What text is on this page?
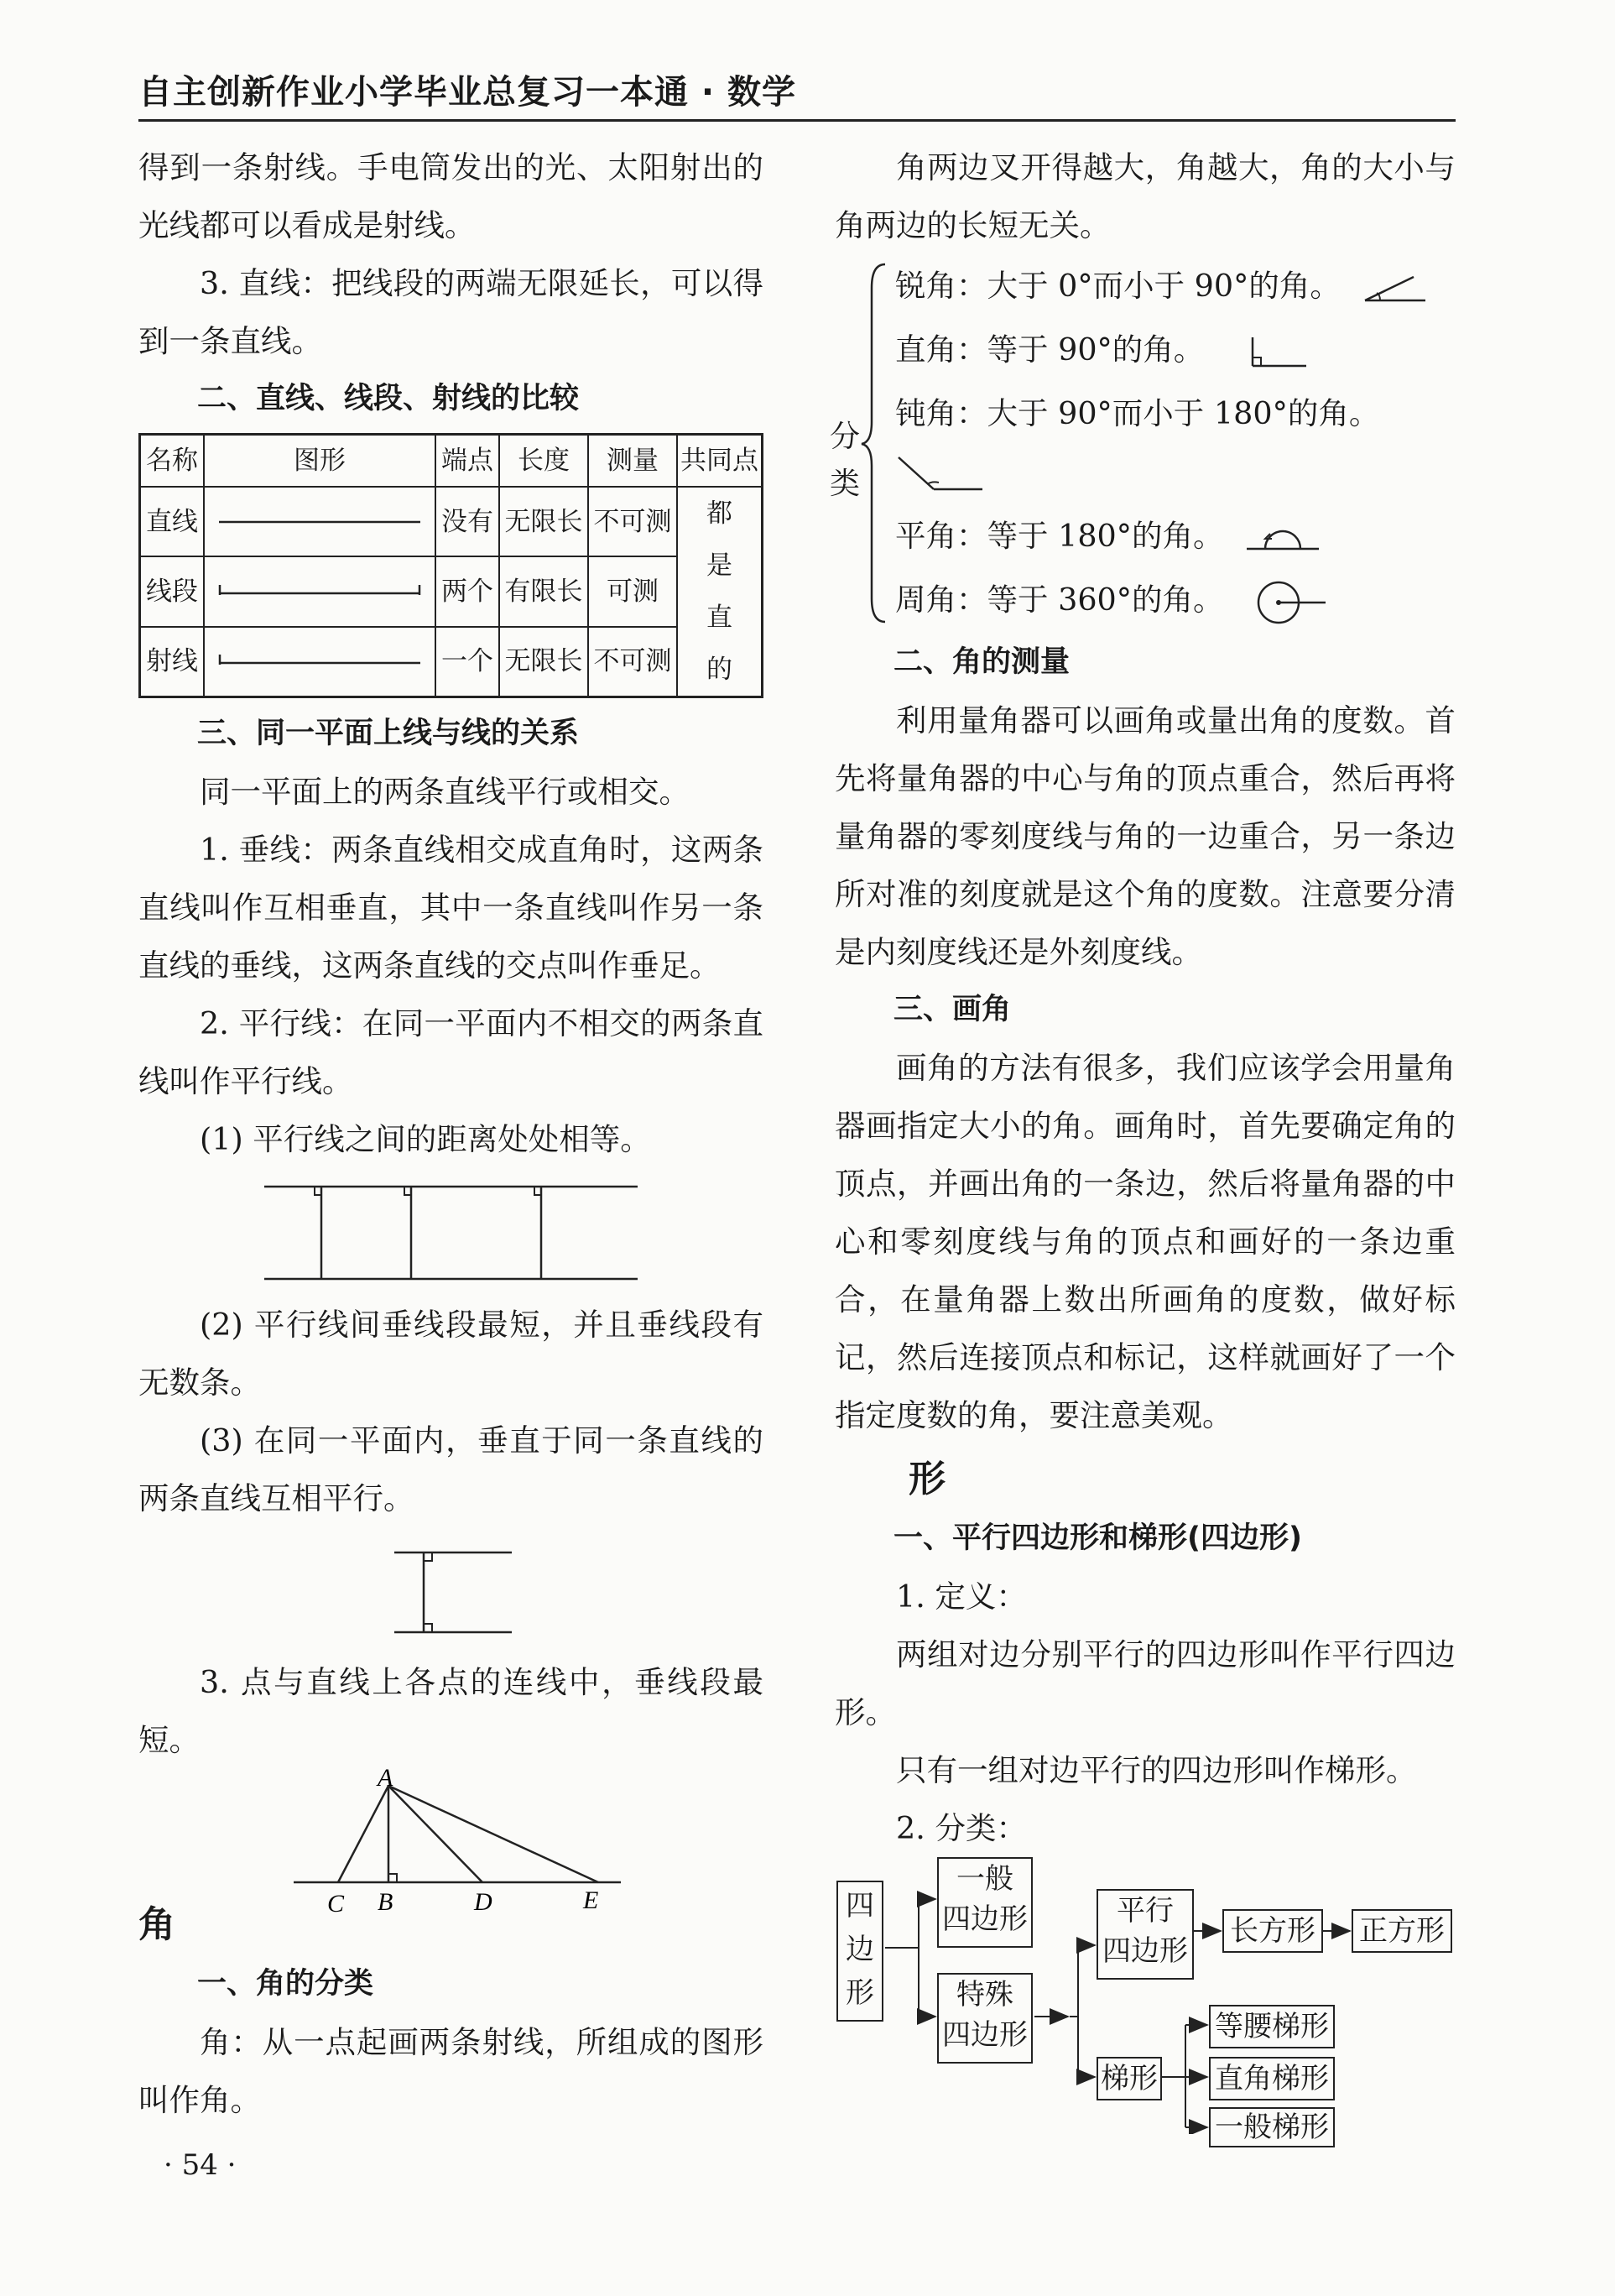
自主创新作业小学毕业总复习一本通 · 数学

得到一条射线。手电筒发出的光、太阳射出的光线都可以看成是射线。

3. 直线：把线段的两端无限延长，可以得到一条直线。

二、直线、线段、射线的比较

名称	图形	端点	长度	测量	共同点
直线		没有	无限长	不可测	都是直的
线段		两个	有限长	可测	
射线		一个	无限长	不可测	

三、同一平面上线与线的关系

同一平面上的两条直线平行或相交。

1. 垂线：两条直线相交成直角时，这两条直线叫作互相垂直，其中一条直线叫作另一条直线的垂线，这两条直线的交点叫作垂足。

2. 平行线：在同一平面内不相交的两条直线叫作平行线。

(1) 平行线之间的距离处处相等。

(2) 平行线间垂线段最短，并且垂线段有无数条。

(3) 在同一平面内，垂直于同一条直线的两条直线互相平行。

3. 点与直线上各点的连线中，垂线段最短。

A
C B	D	E

角

一、角的分类

角：从一点起画两条射线，所组成的图形叫作角。

角两边叉开得越大，角越大，角的大小与角两边的长短无关。

分类
锐角：大于 0°而小于 90°的角。
直角：等于 90°的角。
钝角：大于 90°而小于 180°的角。
平角：等于 180°的角。
周角：等于 360°的角。

二、角的测量

利用量角器可以画角或量出角的度数。首先将量角器的中心与角的顶点重合，然后再将量角器的零刻度线与角的一边重合，另一条边所对准的刻度就是这个角的度数。注意要分清是内刻度线还是外刻度线。

三、画角

画角的方法有很多，我们应该学会用量角器画指定大小的角。画角时，首先要确定角的顶点，并画出角的一条边，然后将量角器的中心和零刻度线与角的顶点和画好的一条边重合，在量角器上数出所画角的度数，做好标记，然后连接顶点和标记，这样就画好了一个指定度数的角，要注意美观。

形

一、平行四边形和梯形(四边形)

1. 定义：

两组对边分别平行的四边形叫作平行四边形。

只有一组对边平行的四边形叫作梯形。

2. 分类：

四边形
一般
四边形
特殊
四边形
平行
四边形
长方形 正方形
梯形
等腰梯形
直角梯形
一般梯形
· 54 ·
